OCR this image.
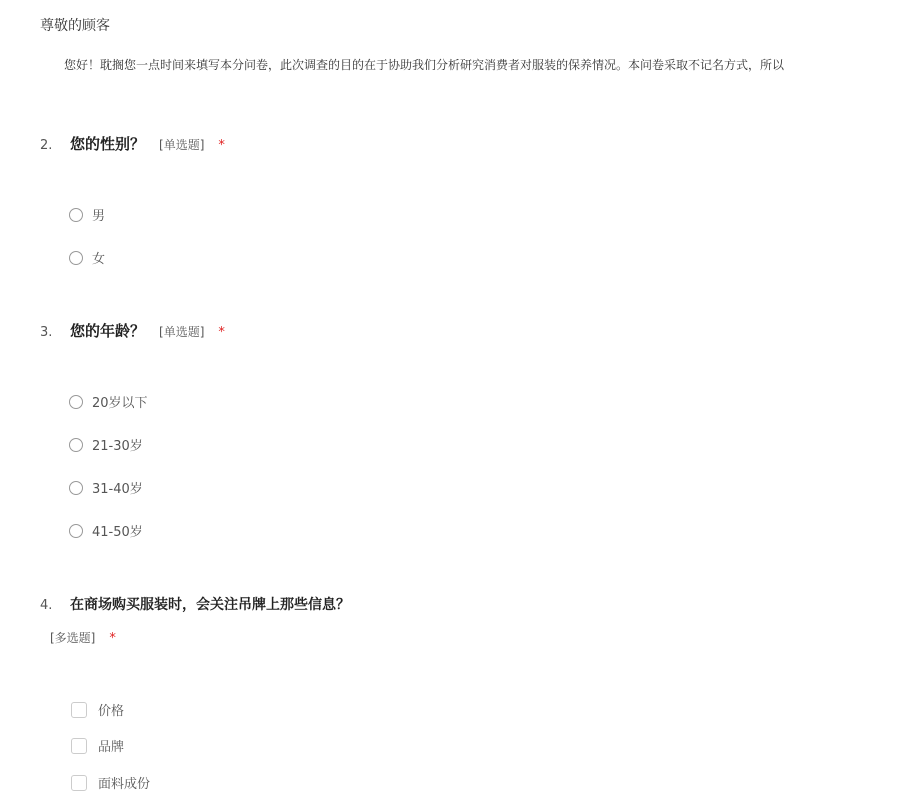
尊敬的顾客
您好！耽搁您一点时间来填写本分问卷，此次调查的目的在于协助我们分析研究消费者对服装的保养情况。本问卷采取不记名方式，所以
2. 您的性别？ [单选题] *
男
女
3. 您的年龄？ [单选题] *
20岁以下
21-30岁
31-40岁
41-50岁
4. 在商场购买服装时，会关注吊牌上那些信息？
[多选题] *
价格
品牌
面料成份
